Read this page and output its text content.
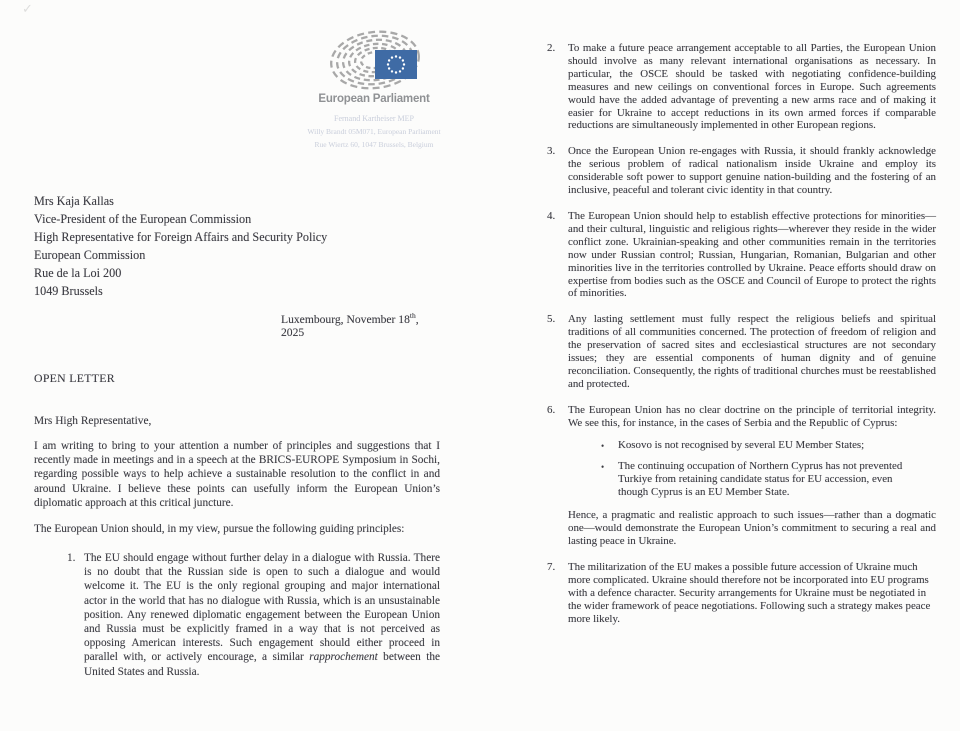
✓
European Parliament
Fernand Kartheiser MEP
Willy Brandt 05M071, European Parliament
Rue Wiertz 60, 1047 Brussels, Belgium
Mrs Kaja Kallas
Vice-President of the European Commission
High Representative for Foreign Affairs and Security Policy
European Commission
Rue de la Loi 200
1049 Brussels
Luxembourg, November 18th, 2025
OPEN LETTER
Mrs High Representative,
I am writing to bring to your attention a number of principles and suggestions that I recently made in meetings and in a speech at the BRICS-EUROPE Symposium in Sochi, regarding possible ways to help achieve a sustainable resolution to the conflict in and around Ukraine. I believe these points can usefully inform the European Union’s diplomatic approach at this critical juncture.
The European Union should, in my view, pursue the following guiding principles:
1. The EU should engage without further delay in a dialogue with Russia. There is no doubt that the Russian side is open to such a dialogue and would welcome it. The EU is the only regional grouping and major international actor in the world that has no dialogue with Russia, which is an unsustainable position. Any renewed diplomatic engagement between the European Union and Russia must be explicitly framed in a way that is not perceived as opposing American interests. Such engagement should either proceed in parallel with, or actively encourage, a similar rapprochement between the United States and Russia.
2. To make a future peace arrangement acceptable to all Parties, the European Union should involve as many relevant international organisations as necessary. In particular, the OSCE should be tasked with negotiating confidence-building measures and new ceilings on conventional forces in Europe. Such agreements would have the added advantage of preventing a new arms race and of making it easier for Ukraine to accept reductions in its own armed forces if comparable reductions are simultaneously implemented in other European regions.
3. Once the European Union re-engages with Russia, it should frankly acknowledge the serious problem of radical nationalism inside Ukraine and employ its considerable soft power to support genuine nation-building and the fostering of an inclusive, peaceful and tolerant civic identity in that country.
4. The European Union should help to establish effective protections for minorities—and their cultural, linguistic and religious rights—wherever they reside in the wider conflict zone. Ukrainian-speaking and other communities remain in the territories now under Russian control; Russian, Hungarian, Romanian, Bulgarian and other minorities live in the territories controlled by Ukraine. Peace efforts should draw on expertise from bodies such as the OSCE and Council of Europe to protect the rights of minorities.
5. Any lasting settlement must fully respect the religious beliefs and spiritual traditions of all communities concerned. The protection of freedom of religion and the preservation of sacred sites and ecclesiastical structures are not secondary issues; they are essential components of human dignity and of genuine reconciliation. Consequently, the rights of traditional churches must be reestablished and protected.
6. The European Union has no clear doctrine on the principle of territorial integrity. We see this, for instance, in the cases of Serbia and the Republic of Cyprus:
• Kosovo is not recognised by several EU Member States;
• The continuing occupation of Northern Cyprus has not prevented Turkiye from retaining candidate status for EU accession, even though Cyprus is an EU Member State.
Hence, a pragmatic and realistic approach to such issues—rather than a dogmatic one—would demonstrate the European Union’s commitment to securing a real and lasting peace in Ukraine.
7. The militarization of the EU makes a possible future accession of Ukraine much more complicated. Ukraine should therefore not be incorporated into EU programs with a defence character. Security arrangements for Ukraine must be negotiated in the wider framework of peace negotiations. Following such a strategy makes peace more likely.
